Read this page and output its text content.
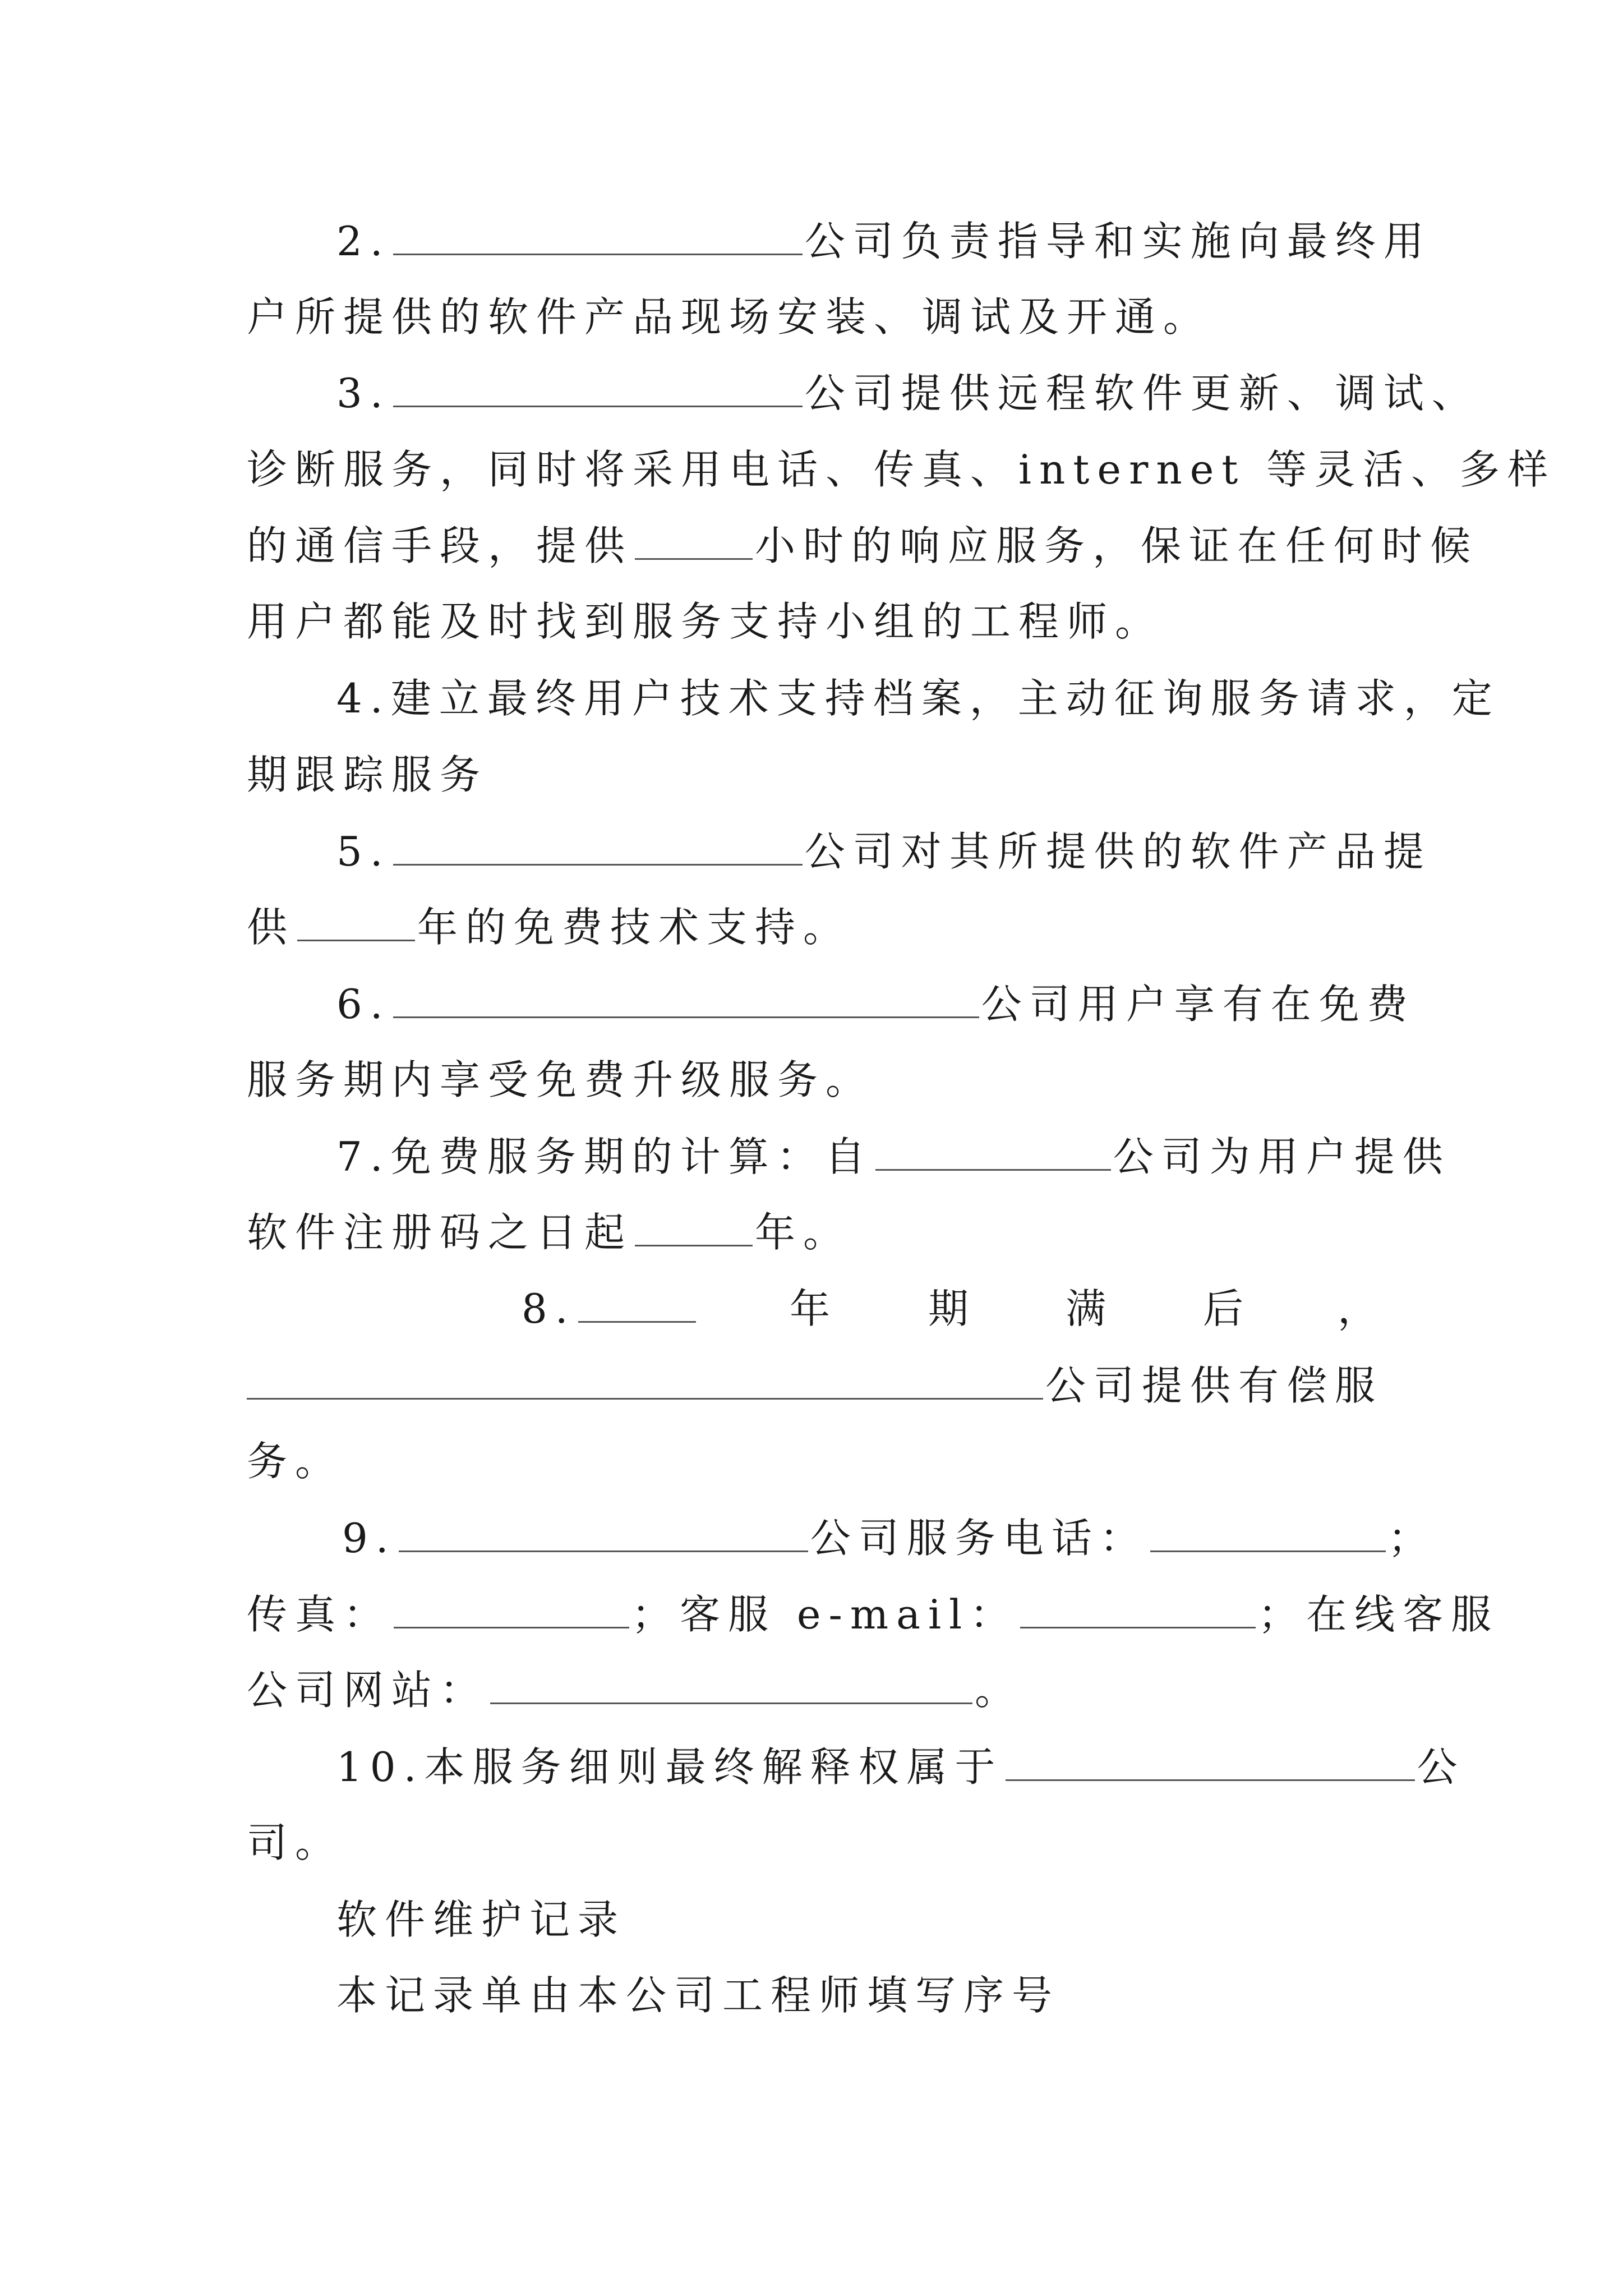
2.	公司负责指导和实施向最终用
户所提供的软件产品现场安装、调试及开通。
3.	公司提供远程软件更新、调试、
诊断服务，同时将采用电话、传真、internet 等灵活、多样
的通信手段，提供	小时的响应服务，保证在任何时候
用户都能及时找到服务支持小组的工程师。
4.建立最终用户技术支持档案，主动征询服务请求，定
期跟踪服务
5.	公司对其所提供的软件产品提
供	年的免费技术支持。
6.	公司用户享有在免费
服务期内享受免费升级服务。
7.免费服务期的计算：自	公司为用户提供
软件注册码之日起	年。
8.	年 期 满 后 ，
公司提供有偿服
务。
9.	公司服务电话：	；
传真：	；客服 e-mail：	；在线客服
公司网站：	。
10.本服务细则最终解释权属于	公
司。
软件维护记录
本记录单由本公司工程师填写序号
